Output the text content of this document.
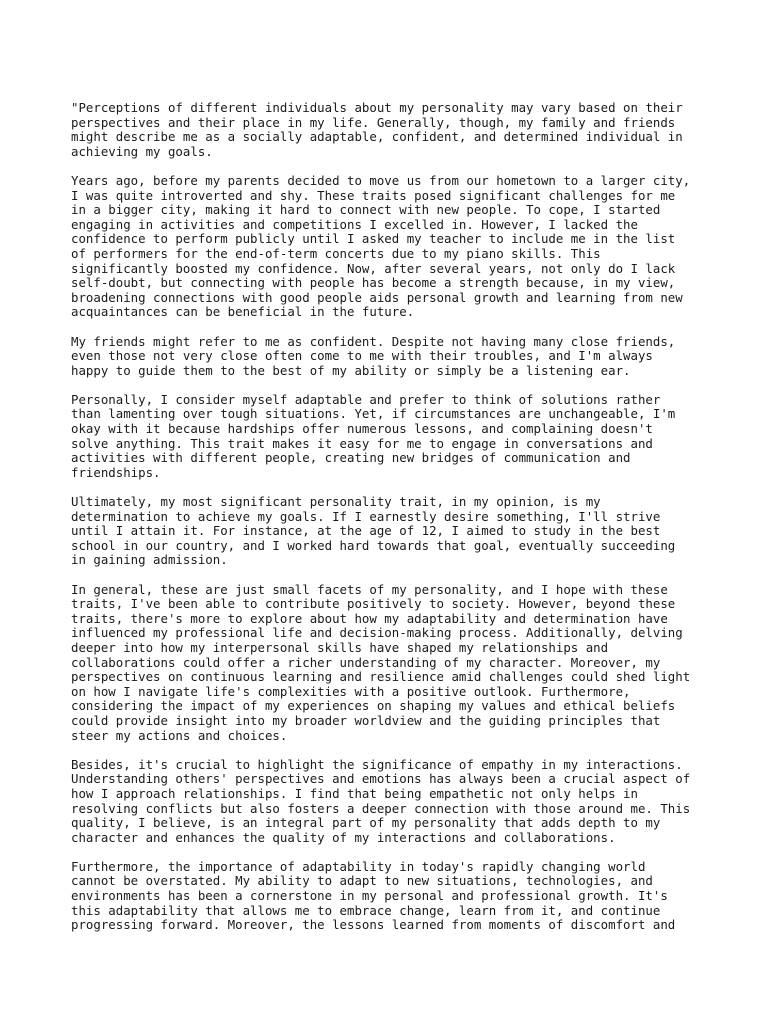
"Perceptions of different individuals about my personality may vary based on their
perspectives and their place in my life. Generally, though, my family and friends
might describe me as a socially adaptable, confident, and determined individual in
achieving my goals.

Years ago, before my parents decided to move us from our hometown to a larger city,
I was quite introverted and shy. These traits posed significant challenges for me
in a bigger city, making it hard to connect with new people. To cope, I started
engaging in activities and competitions I excelled in. However, I lacked the
confidence to perform publicly until I asked my teacher to include me in the list
of performers for the end-of-term concerts due to my piano skills. This
significantly boosted my confidence. Now, after several years, not only do I lack
self-doubt, but connecting with people has become a strength because, in my view,
broadening connections with good people aids personal growth and learning from new
acquaintances can be beneficial in the future.

My friends might refer to me as confident. Despite not having many close friends,
even those not very close often come to me with their troubles, and I'm always
happy to guide them to the best of my ability or simply be a listening ear.

Personally, I consider myself adaptable and prefer to think of solutions rather
than lamenting over tough situations. Yet, if circumstances are unchangeable, I'm
okay with it because hardships offer numerous lessons, and complaining doesn't
solve anything. This trait makes it easy for me to engage in conversations and
activities with different people, creating new bridges of communication and
friendships.

Ultimately, my most significant personality trait, in my opinion, is my
determination to achieve my goals. If I earnestly desire something, I'll strive
until I attain it. For instance, at the age of 12, I aimed to study in the best
school in our country, and I worked hard towards that goal, eventually succeeding
in gaining admission.

In general, these are just small facets of my personality, and I hope with these
traits, I've been able to contribute positively to society. However, beyond these
traits, there's more to explore about how my adaptability and determination have
influenced my professional life and decision-making process. Additionally, delving
deeper into how my interpersonal skills have shaped my relationships and
collaborations could offer a richer understanding of my character. Moreover, my
perspectives on continuous learning and resilience amid challenges could shed light
on how I navigate life's complexities with a positive outlook. Furthermore,
considering the impact of my experiences on shaping my values and ethical beliefs
could provide insight into my broader worldview and the guiding principles that
steer my actions and choices.

Besides, it's crucial to highlight the significance of empathy in my interactions.
Understanding others' perspectives and emotions has always been a crucial aspect of
how I approach relationships. I find that being empathetic not only helps in
resolving conflicts but also fosters a deeper connection with those around me. This
quality, I believe, is an integral part of my personality that adds depth to my
character and enhances the quality of my interactions and collaborations.

Furthermore, the importance of adaptability in today's rapidly changing world
cannot be overstated. My ability to adapt to new situations, technologies, and
environments has been a cornerstone in my personal and professional growth. It's
this adaptability that allows me to embrace change, learn from it, and continue
progressing forward. Moreover, the lessons learned from moments of discomfort and
